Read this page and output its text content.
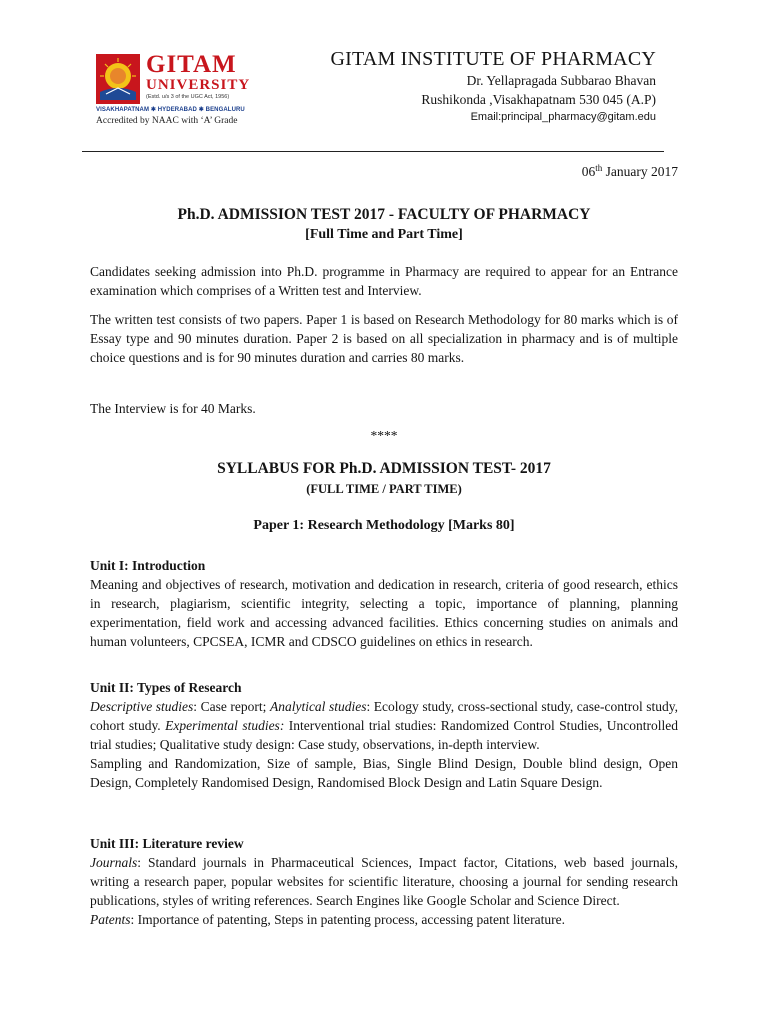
GITAM
UNIVERSITY
(Estd. u/s 3 of the UGC Act, 1956)
VISAKHAPATNAM ✱ HYDERABAD ✱ BENGALURU
Accredited by NAAC with ‘A’ Grade
GITAM INSTITUTE OF PHARMACY
Dr. Yellapragada Subbarao Bhavan
Rushikonda ,Visakhapatnam 530 045 (A.P)
Email:principal_pharmacy@gitam.edu
06th January 2017
Ph.D. ADMISSION TEST 2017 - FACULTY OF PHARMACY
[Full Time and Part Time]

Candidates seeking admission into Ph.D. programme in Pharmacy are required to appear for an Entrance examination which comprises of a Written test and Interview.

The written test consists of two papers. Paper 1 is based on Research Methodology for 80 marks which is of Essay type and 90 minutes duration. Paper 2 is based on all specialization in pharmacy and is of multiple choice questions and is for 90 minutes duration and carries 80 marks.

The Interview is for 40 Marks.

****
SYLLABUS FOR Ph.D. ADMISSION TEST- 2017
(FULL TIME / PART TIME)
Paper 1: Research Methodology [Marks 80]

Unit I: Introduction

Meaning and objectives of research, motivation and dedication in research, criteria of good research, ethics in research, plagiarism, scientific integrity, selecting a topic, importance of planning, planning experimentation, field work and accessing advanced facilities. Ethics concerning studies on animals and human volunteers, CPCSEA, ICMR and CDSCO guidelines on ethics in research.

Unit II: Types of Research

Descriptive studies: Case report; Analytical studies: Ecology study, cross-sectional study, case-control study, cohort study. Experimental studies: Interventional trial studies: Randomized Control Studies, Uncontrolled trial studies; Qualitative study design: Case study, observations, in-depth interview.

Sampling and Randomization, Size of sample, Bias, Single Blind Design, Double blind design, Open Design, Completely Randomised Design, Randomised Block Design and Latin Square Design.

Unit III: Literature review

Journals: Standard journals in Pharmaceutical Sciences, Impact factor, Citations, web based journals, writing a research paper, popular websites for scientific literature, choosing a journal for sending research publications, styles of writing references. Search Engines like Google Scholar and Science Direct.

Patents: Importance of patenting, Steps in patenting process, accessing patent literature.
